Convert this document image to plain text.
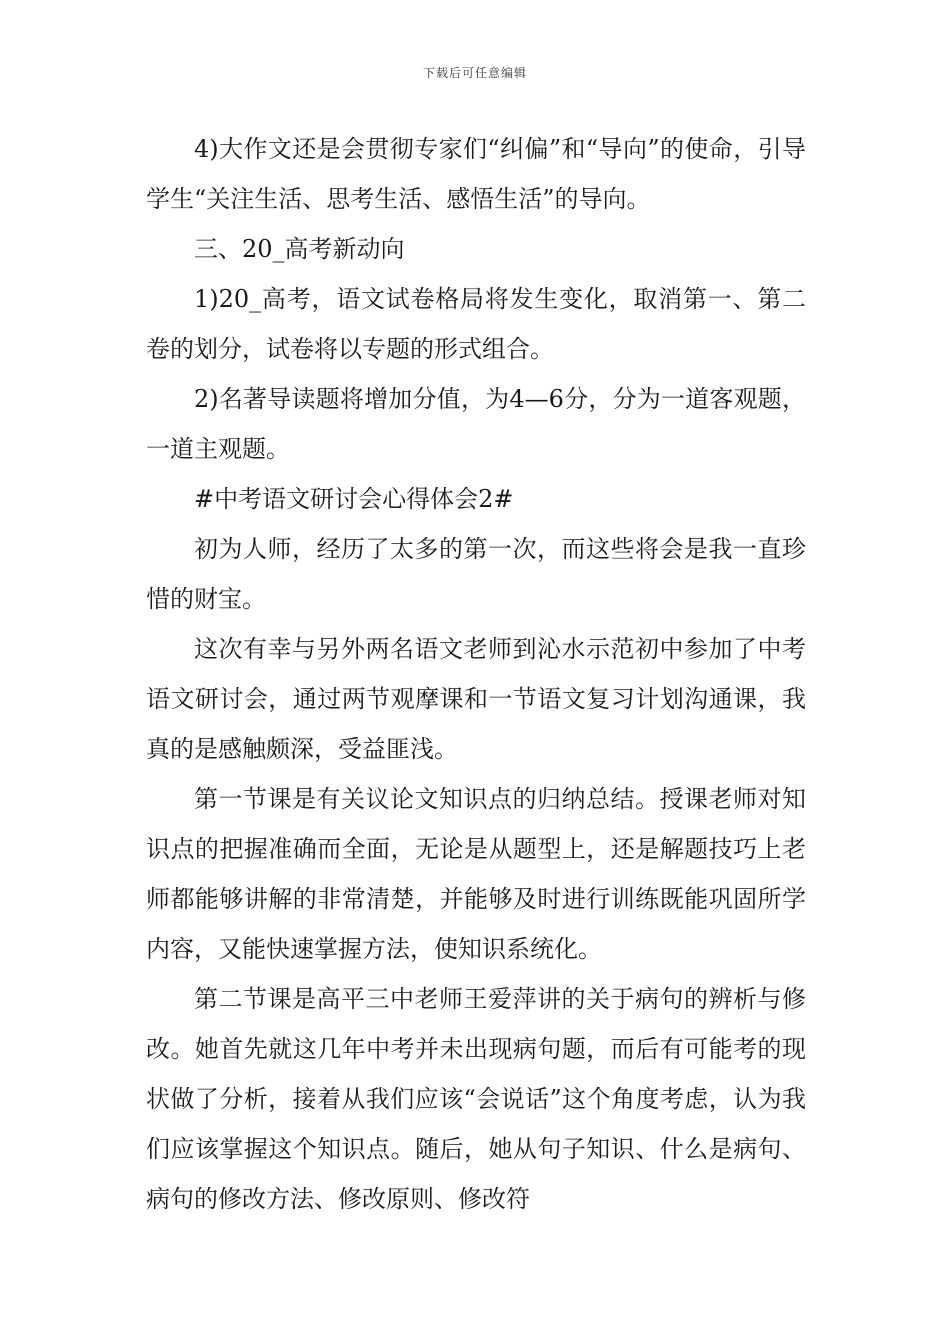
下载后可任意编辑

4)大作文还是会贯彻专家们“纠偏”和“导向”的使命，引导学生“关注生活、思考生活、感悟生活”的导向。

三、20_高考新动向

1)20_高考，语文试卷格局将发生变化，取消第一、第二卷的划分，试卷将以专题的形式组合。

2)名著导读题将增加分值，为4—6分，分为一道客观题，一道主观题。

#中考语文研讨会心得体会2#

初为人师，经历了太多的第一次，而这些将会是我一直珍惜的财宝。

这次有幸与另外两名语文老师到沁水示范初中参加了中考语文研讨会，通过两节观摩课和一节语文复习计划沟通课，我真的是感触颇深，受益匪浅。

第一节课是有关议论文知识点的归纳总结。授课老师对知识点的把握准确而全面，无论是从题型上，还是解题技巧上老师都能够讲解的非常清楚，并能够及时进行训练既能巩固所学内容，又能快速掌握方法，使知识系统化。

第二节课是高平三中老师王爱萍讲的关于病句的辨析与修改。她首先就这几年中考并未出现病句题，而后有可能考的现状做了分析，接着从我们应该“会说话”这个角度考虑，认为我们应该掌握这个知识点。随后，她从句子知识、什么是病句、病句的修改方法、修改原则、修改符
